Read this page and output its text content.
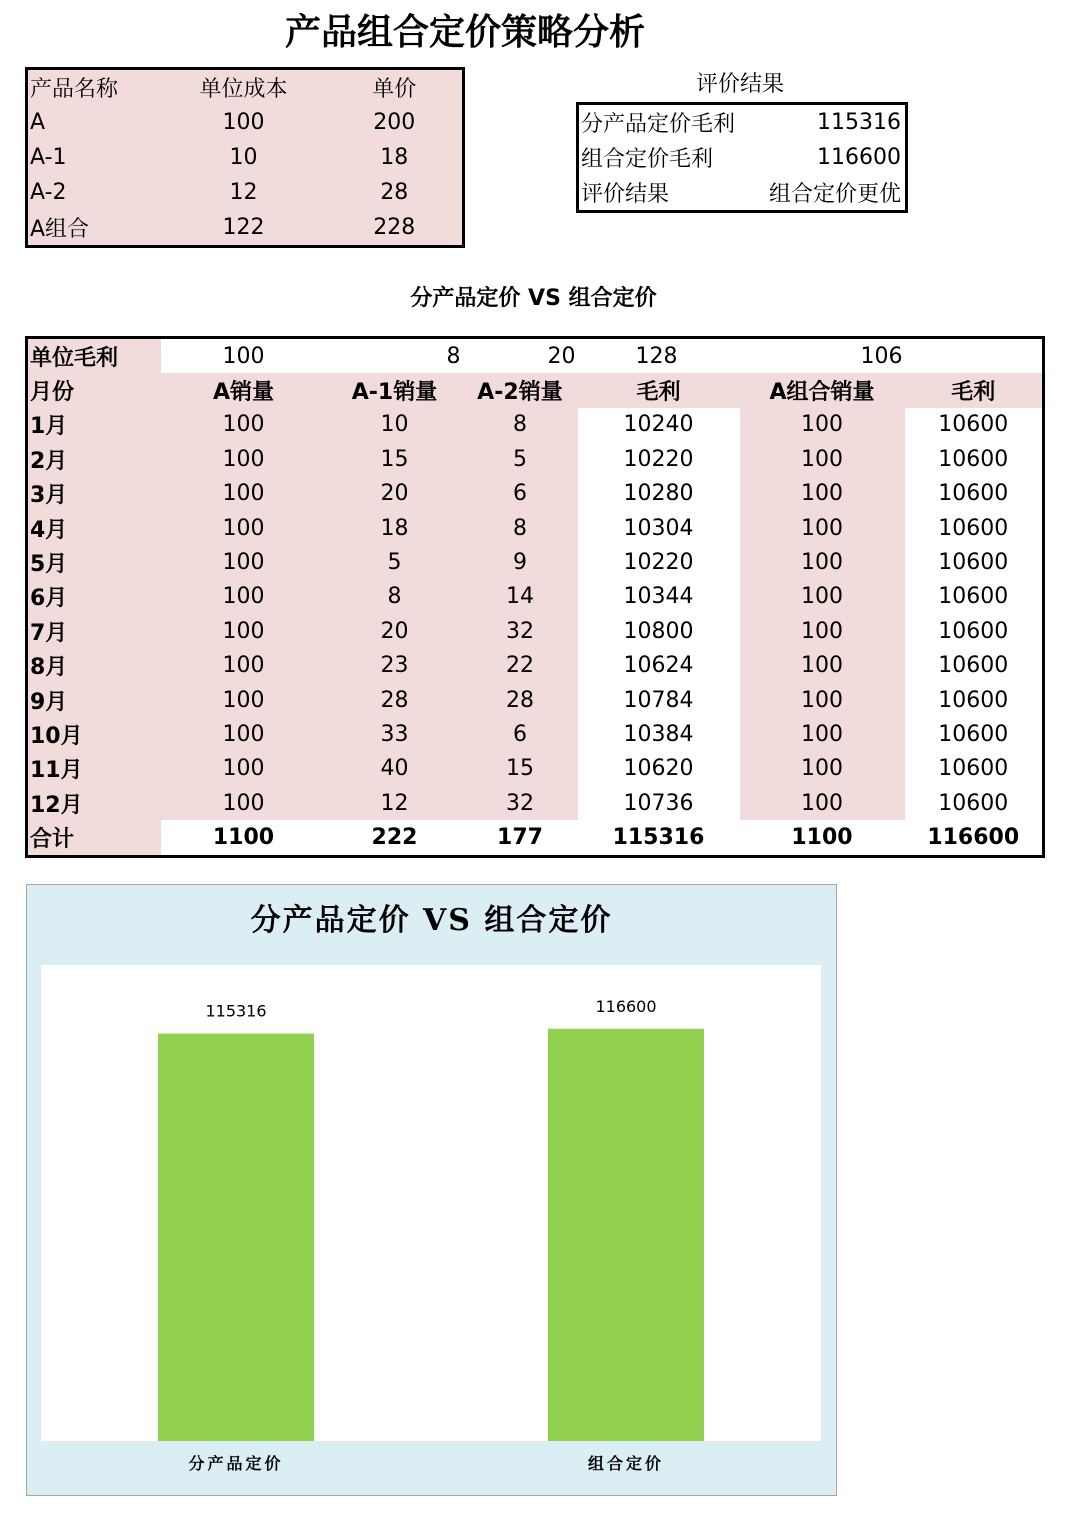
产品组合定价策略分析
产品名称	单位成本	单价
A	100	200
A-1	10	18
A-2	12	28
A组合	122	228
评价结果
分产品定价毛利	115316
组合定价毛利	116600
评价结果	组合定价更优
分产品定价 VS 组合定价
单位毛利	100	8	20	128	106	
月份	A销量	A-1销量	A-2销量	毛利	A组合销量	毛利
1月	100	10	8	10240	100	10600
2月	100	15	5	10220	100	10600
3月	100	20	6	10280	100	10600
4月	100	18	8	10304	100	10600
5月	100	5	9	10220	100	10600
6月	100	8	14	10344	100	10600
7月	100	20	32	10800	100	10600
8月	100	23	22	10624	100	10600
9月	100	28	28	10784	100	10600
10月	100	33	6	10384	100	10600
11月	100	40	15	10620	100	10600
12月	100	12	32	10736	100	10600
合计	1100	222	177	115316	1100	116600
分产品定价 VS 组合定价
115316	116600
分产品定价	组合定价
